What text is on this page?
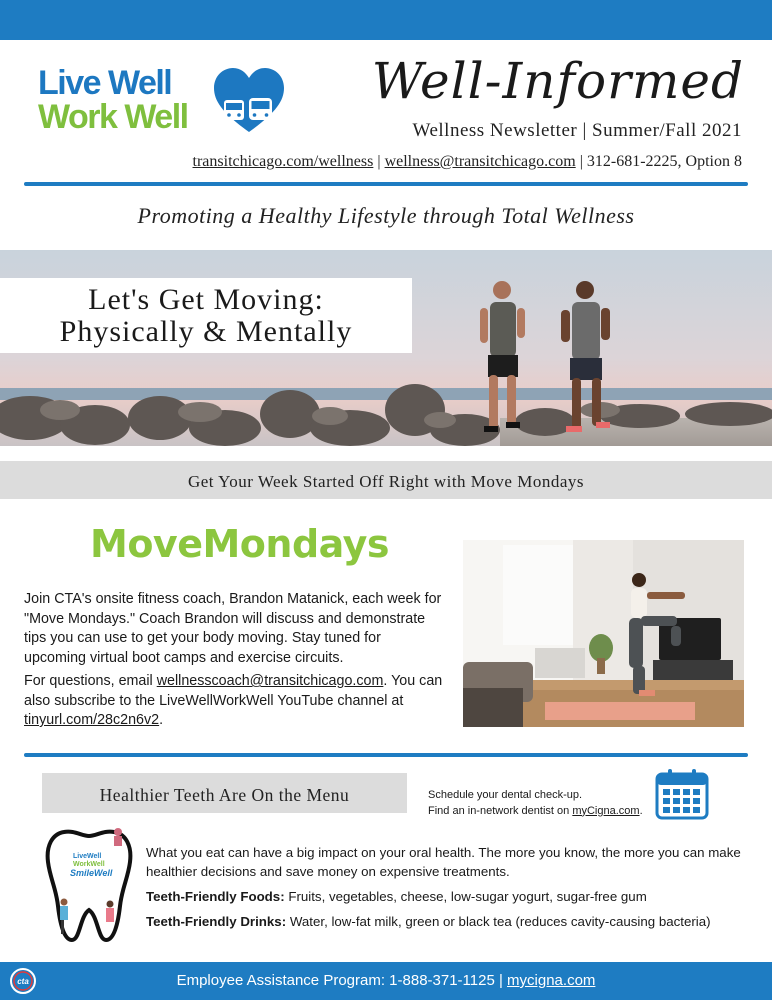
Live Well
Work Well
Well-Informed
Wellness Newsletter | Summer/Fall 2021
transitchicago.com/wellness | wellness@transitchicago.com | 312-681-2225, Option 8
Promoting a Healthy Lifestyle through Total Wellness
Let's Get Moving:
Physically & Mentally
Get Your Week Started Off Right with Move Mondays
MoveMondays
Join CTA's onsite fitness coach, Brandon Matanick, each week for "Move Mondays." Coach Brandon will discuss and demonstrate tips you can use to get your body moving. Stay tuned for upcoming virtual boot camps and exercise circuits.
For questions, email wellnesscoach@transitchicago.com. You can also subscribe to the LiveWellWorkWell YouTube channel at tinyurl.com/28c2n6v2.
Healthier Teeth Are On the Menu	Schedule your dental check-up.
Find an in-network dentist on myCigna.com.
LiveWell
WorkWell
SmileWell
What you eat can have a big impact on your oral health. The more you know, the more you can make healthier decisions and save money on expensive treatments.
Teeth-Friendly Foods: Fruits, vegetables, cheese, low-sugar yogurt, sugar-free gum
Teeth-Friendly Drinks: Water, low-fat milk, green or black tea (reduces cavity-causing bacteria)
cta	Employee Assistance Program: 1-888-371-1125 | mycigna.com
